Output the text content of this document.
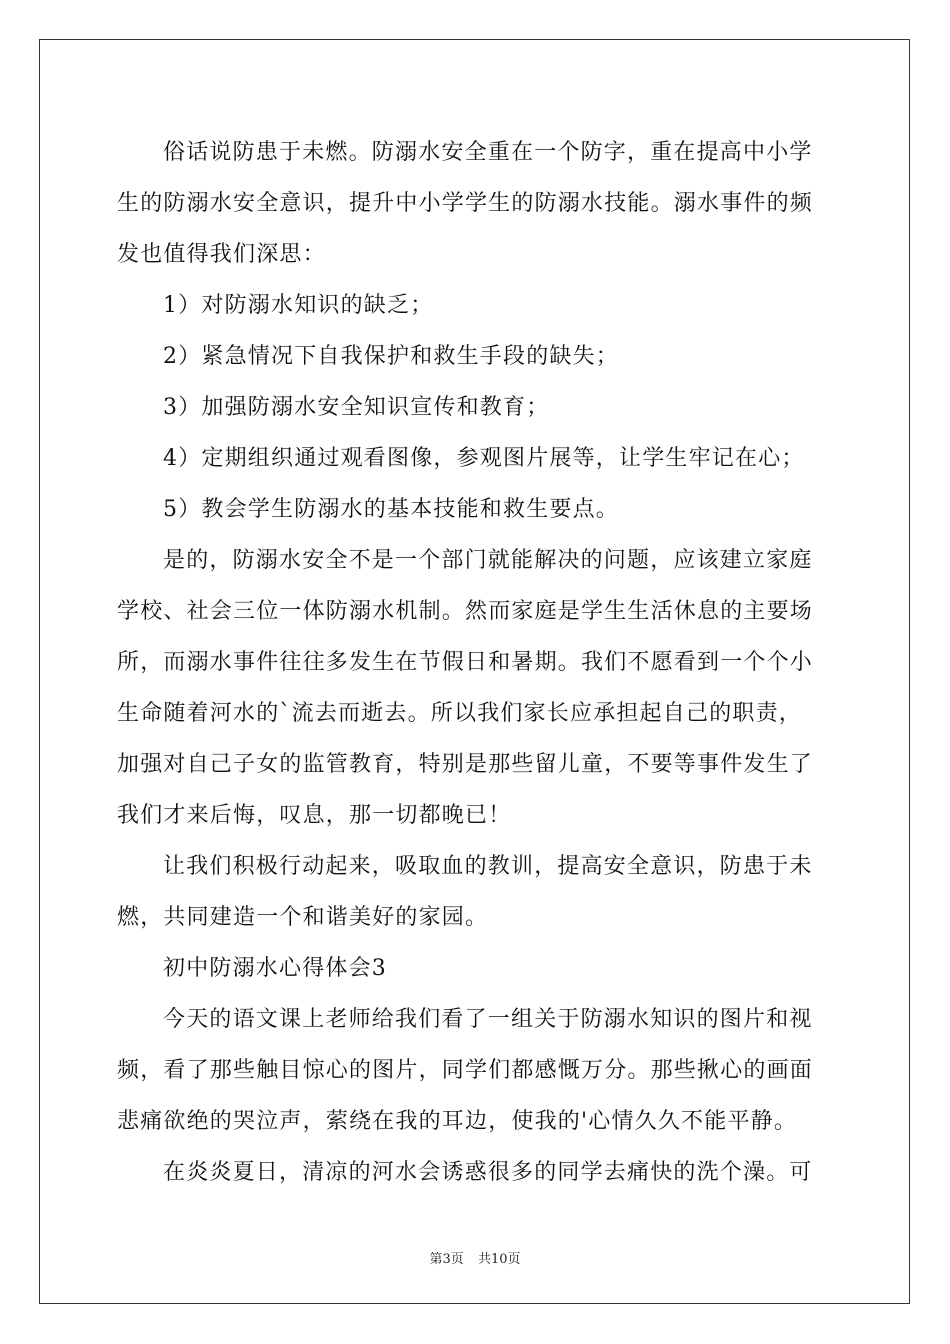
俗话说防患于未燃。防溺水安全重在一个防字，重在提高中小学
生的防溺水安全意识，提升中小学学生的防溺水技能。溺水事件的频
发也值得我们深思：
1）对防溺水知识的缺乏；
2）紧急情况下自我保护和救生手段的缺失；
3）加强防溺水安全知识宣传和教育；
4）定期组织通过观看图像，参观图片展等，让学生牢记在心；
5）教会学生防溺水的基本技能和救生要点。
是的，防溺水安全不是一个部门就能解决的问题，应该建立家庭
学校、社会三位一体防溺水机制。然而家庭是学生生活休息的主要场
所，而溺水事件往往多发生在节假日和暑期。我们不愿看到一个个小
生命随着河水的`流去而逝去。所以我们家长应承担起自己的职责，
加强对自己子女的监管教育，特别是那些留儿童，不要等事件发生了
我们才来后悔，叹息，那一切都晚已！
让我们积极行动起来，吸取血的教训，提高安全意识，防患于未
燃，共同建造一个和谐美好的家园。
初中防溺水心得体会3
今天的语文课上老师给我们看了一组关于防溺水知识的图片和视
频，看了那些触目惊心的图片，同学们都感慨万分。那些揪心的画面
悲痛欲绝的哭泣声，萦绕在我的耳边，使我的'心情久久不能平静。
在炎炎夏日，清凉的河水会诱惑很多的同学去痛快的洗个澡。可
第3页 共10页
